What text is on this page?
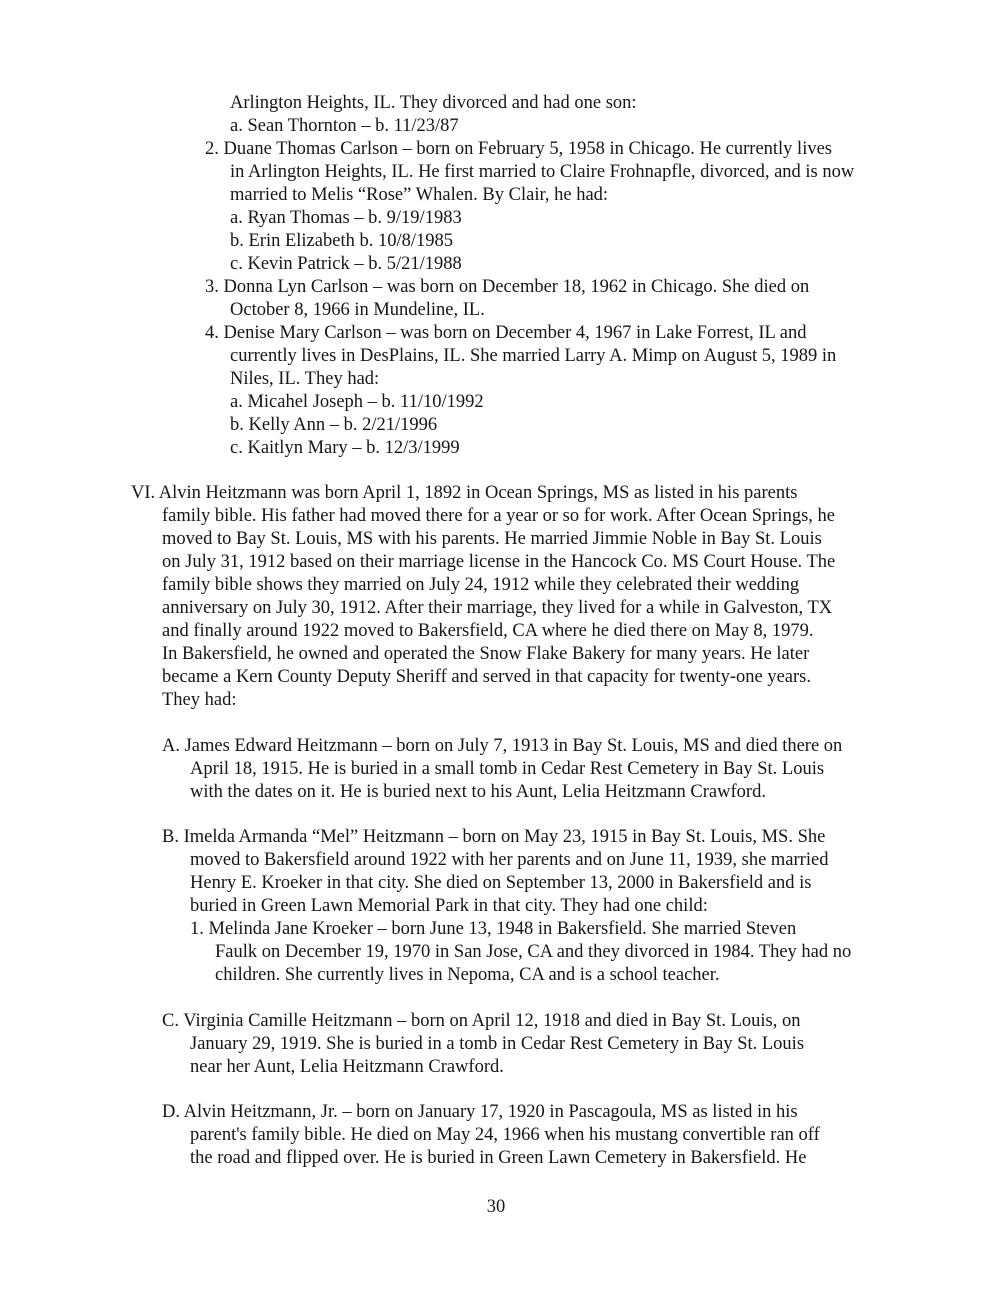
Arlington Heights, IL. They divorced and had one son:
a. Sean Thornton – b. 11/23/87
2. Duane Thomas Carlson – born on February 5, 1958 in Chicago. He currently lives
in Arlington Heights, IL. He first married to Claire Frohnapfle, divorced, and is now
married to Melis “Rose” Whalen. By Clair, he had:
a. Ryan Thomas – b. 9/19/1983
b. Erin Elizabeth b. 10/8/1985
c. Kevin Patrick – b. 5/21/1988
3. Donna Lyn Carlson – was born on December 18, 1962 in Chicago. She died on
October 8, 1966 in Mundeline, IL.
4. Denise Mary Carlson – was born on December 4, 1967 in Lake Forrest, IL and
currently lives in DesPlains, IL. She married Larry A. Mimp on August 5, 1989 in
Niles, IL. They had:
a. Micahel Joseph – b. 11/10/1992
b. Kelly Ann – b. 2/21/1996
c. Kaitlyn Mary – b. 12/3/1999
VI. Alvin Heitzmann was born April 1, 1892 in Ocean Springs, MS as listed in his parents
family bible. His father had moved there for a year or so for work. After Ocean Springs, he
moved to Bay St. Louis, MS with his parents. He married Jimmie Noble in Bay St. Louis
on July 31, 1912 based on their marriage license in the Hancock Co. MS Court House. The
family bible shows they married on July 24, 1912 while they celebrated their wedding
anniversary on July 30, 1912. After their marriage, they lived for a while in Galveston, TX
and finally around 1922 moved to Bakersfield, CA where he died there on May 8, 1979.
In Bakersfield, he owned and operated the Snow Flake Bakery for many years. He later
became a Kern County Deputy Sheriff and served in that capacity for twenty-one years.
They had:
A. James Edward Heitzmann – born on July 7, 1913 in Bay St. Louis, MS and died there on
April 18, 1915. He is buried in a small tomb in Cedar Rest Cemetery in Bay St. Louis
with the dates on it. He is buried next to his Aunt, Lelia Heitzmann Crawford.
B. Imelda Armanda “Mel” Heitzmann – born on May 23, 1915 in Bay St. Louis, MS. She
moved to Bakersfield around 1922 with her parents and on June 11, 1939, she married
Henry E. Kroeker in that city. She died on September 13, 2000 in Bakersfield and is
buried in Green Lawn Memorial Park in that city. They had one child:
1. Melinda Jane Kroeker – born June 13, 1948 in Bakersfield. She married Steven
Faulk on December 19, 1970 in San Jose, CA and they divorced in 1984. They had no
children. She currently lives in Nepoma, CA and is a school teacher.
C. Virginia Camille Heitzmann – born on April 12, 1918 and died in Bay St. Louis, on
January 29, 1919. She is buried in a tomb in Cedar Rest Cemetery in Bay St. Louis
near her Aunt, Lelia Heitzmann Crawford.
D. Alvin Heitzmann, Jr. – born on January 17, 1920 in Pascagoula, MS as listed in his
parent's family bible. He died on May 24, 1966 when his mustang convertible ran off
the road and flipped over. He is buried in Green Lawn Cemetery in Bakersfield. He
30
